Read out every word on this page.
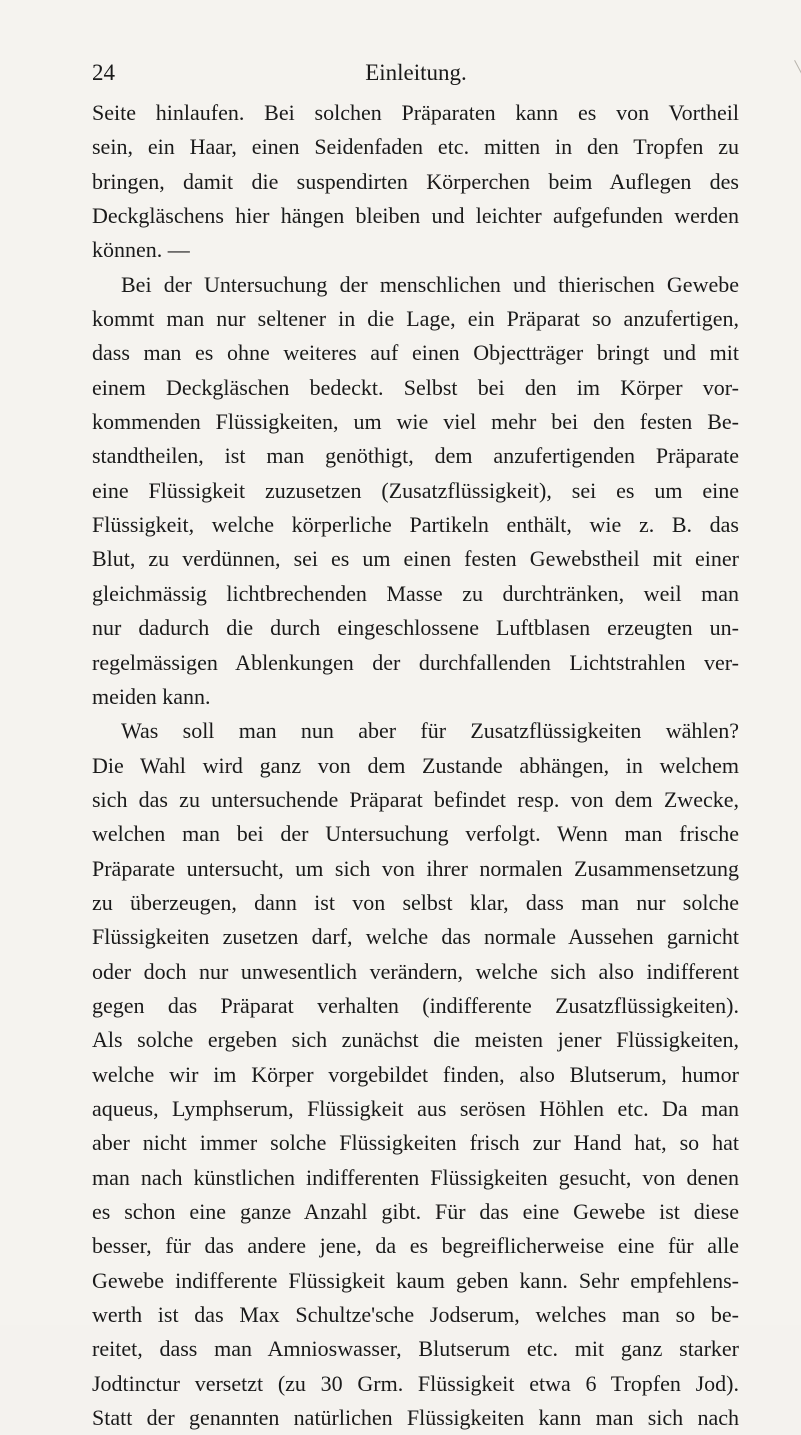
24	Einleitung.
Seite hinlaufen. Bei solchen Präparaten kann es von Vortheil
sein, ein Haar, einen Seidenfaden etc. mitten in den Tropfen zu
bringen, damit die suspendirten Körperchen beim Auflegen des
Deckgläschens hier hängen bleiben und leichter aufgefunden werden
können. —
Bei der Untersuchung der menschlichen und thierischen Gewebe
kommt man nur seltener in die Lage, ein Präparat so anzufertigen,
dass man es ohne weiteres auf einen Objectträger bringt und mit
einem Deckgläschen bedeckt. Selbst bei den im Körper vor-
kommenden Flüssigkeiten, um wie viel mehr bei den festen Be-
standtheilen, ist man genöthigt, dem anzufertigenden Präparate
eine Flüssigkeit zuzusetzen (Zusatzflüssigkeit), sei es um eine
Flüssigkeit, welche körperliche Partikeln enthält, wie z. B. das
Blut, zu verdünnen, sei es um einen festen Gewebstheil mit einer
gleichmässig lichtbrechenden Masse zu durchtränken, weil man
nur dadurch die durch eingeschlossene Luftblasen erzeugten un-
regelmässigen Ablenkungen der durchfallenden Lichtstrahlen ver-
meiden kann.
Was soll man nun aber für Zusatzflüssigkeiten wählen?
Die Wahl wird ganz von dem Zustande abhängen, in welchem
sich das zu untersuchende Präparat befindet resp. von dem Zwecke,
welchen man bei der Untersuchung verfolgt. Wenn man frische
Präparate untersucht, um sich von ihrer normalen Zusammensetzung
zu überzeugen, dann ist von selbst klar, dass man nur solche
Flüssigkeiten zusetzen darf, welche das normale Aussehen garnicht
oder doch nur unwesentlich verändern, welche sich also indifferent
gegen das Präparat verhalten (indifferente Zusatzflüssigkeiten).
Als solche ergeben sich zunächst die meisten jener Flüssigkeiten,
welche wir im Körper vorgebildet finden, also Blutserum, humor
aqueus, Lymphserum, Flüssigkeit aus serösen Höhlen etc. Da man
aber nicht immer solche Flüssigkeiten frisch zur Hand hat, so hat
man nach künstlichen indifferenten Flüssigkeiten gesucht, von denen
es schon eine ganze Anzahl gibt. Für das eine Gewebe ist diese
besser, für das andere jene, da es begreiflicherweise eine für alle
Gewebe indifferente Flüssigkeit kaum geben kann. Sehr empfehlens-
werth ist das Max Schultze'sche Jodserum, welches man so be-
reitet, dass man Amnioswasser, Blutserum etc. mit ganz starker
Jodtinctur versetzt (zu 30 Grm. Flüssigkeit etwa 6 Tropfen Jod).
Statt der genannten natürlichen Flüssigkeiten kann man sich nach
